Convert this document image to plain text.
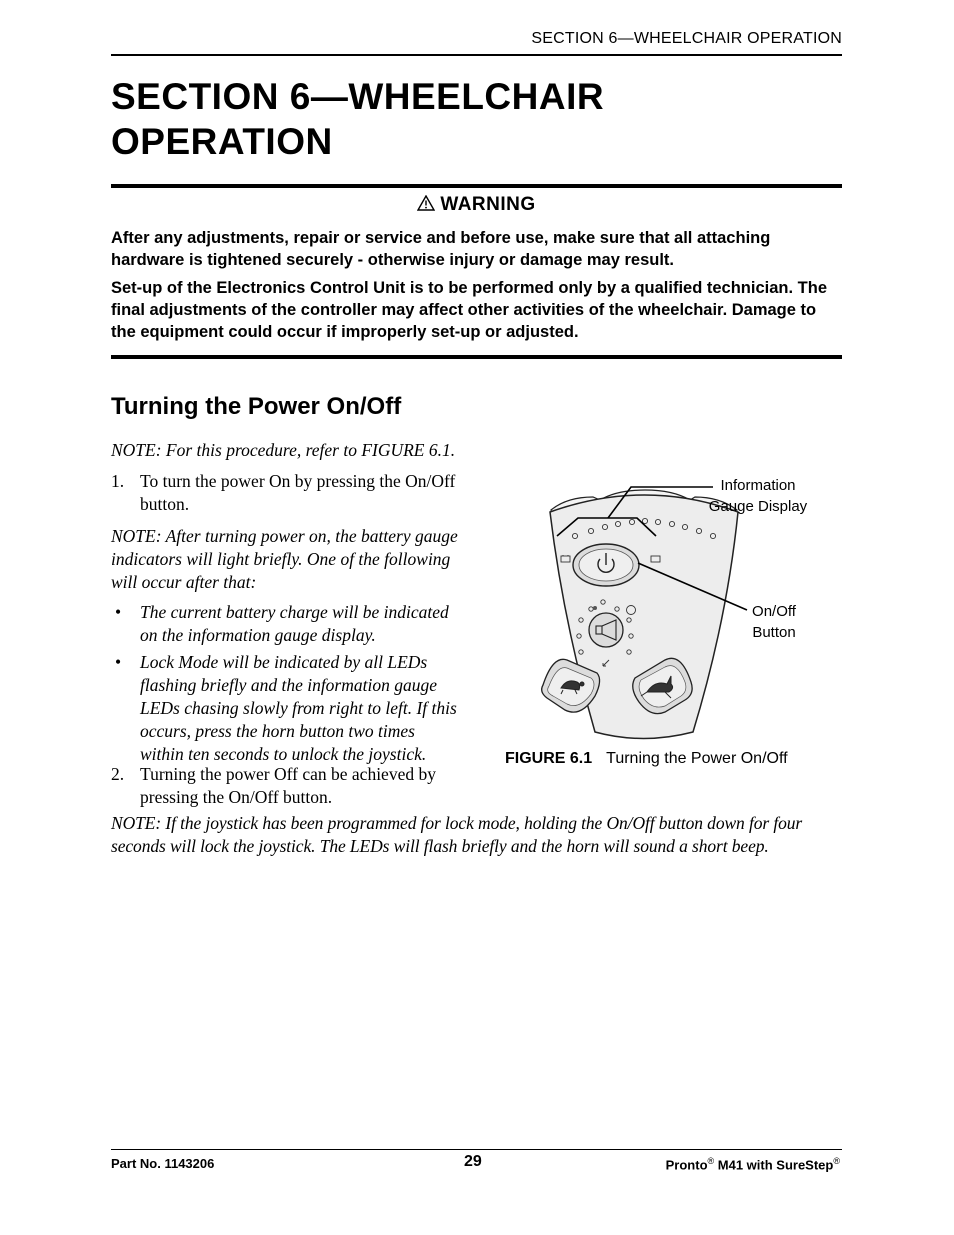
SECTION 6—WHEELCHAIR OPERATION
SECTION 6—WHEELCHAIR
OPERATION
WARNING
After any adjustments, repair or service and before use, make sure that all attaching hardware is tightened securely - otherwise injury or damage may result.
Set-up of the Electronics Control Unit is to be performed only by a qualified technician. The final adjustments of the controller may affect other activities of the wheelchair. Damage to the equipment could occur if improperly set-up or adjusted.
Turning the Power On/Off
NOTE: For this procedure, refer to FIGURE 6.1.
1. To turn the power On by pressing the On/Off button.
NOTE: After turning power on, the battery gauge indicators will light briefly. One of the following will occur after that:
• The current battery charge will be indicated on the information gauge display.
• Lock Mode will be indicated by all LEDs flashing briefly and the information gauge LEDs chasing slowly from right to left. If this occurs, press the horn button two times within ten seconds to unlock the joystick.
2. Turning the power Off can be achieved by pressing the On/Off button.
NOTE: If the joystick has been programmed for lock mode, holding the On/Off button down for four seconds will lock the joystick. The LEDs will flash briefly and the horn will sound a short beep.
Information
Gauge Display
On/Off
Button
FIGURE 6.1 Turning the Power On/Off
Part No. 1143206	29	Pronto® M41 with SureStep®
